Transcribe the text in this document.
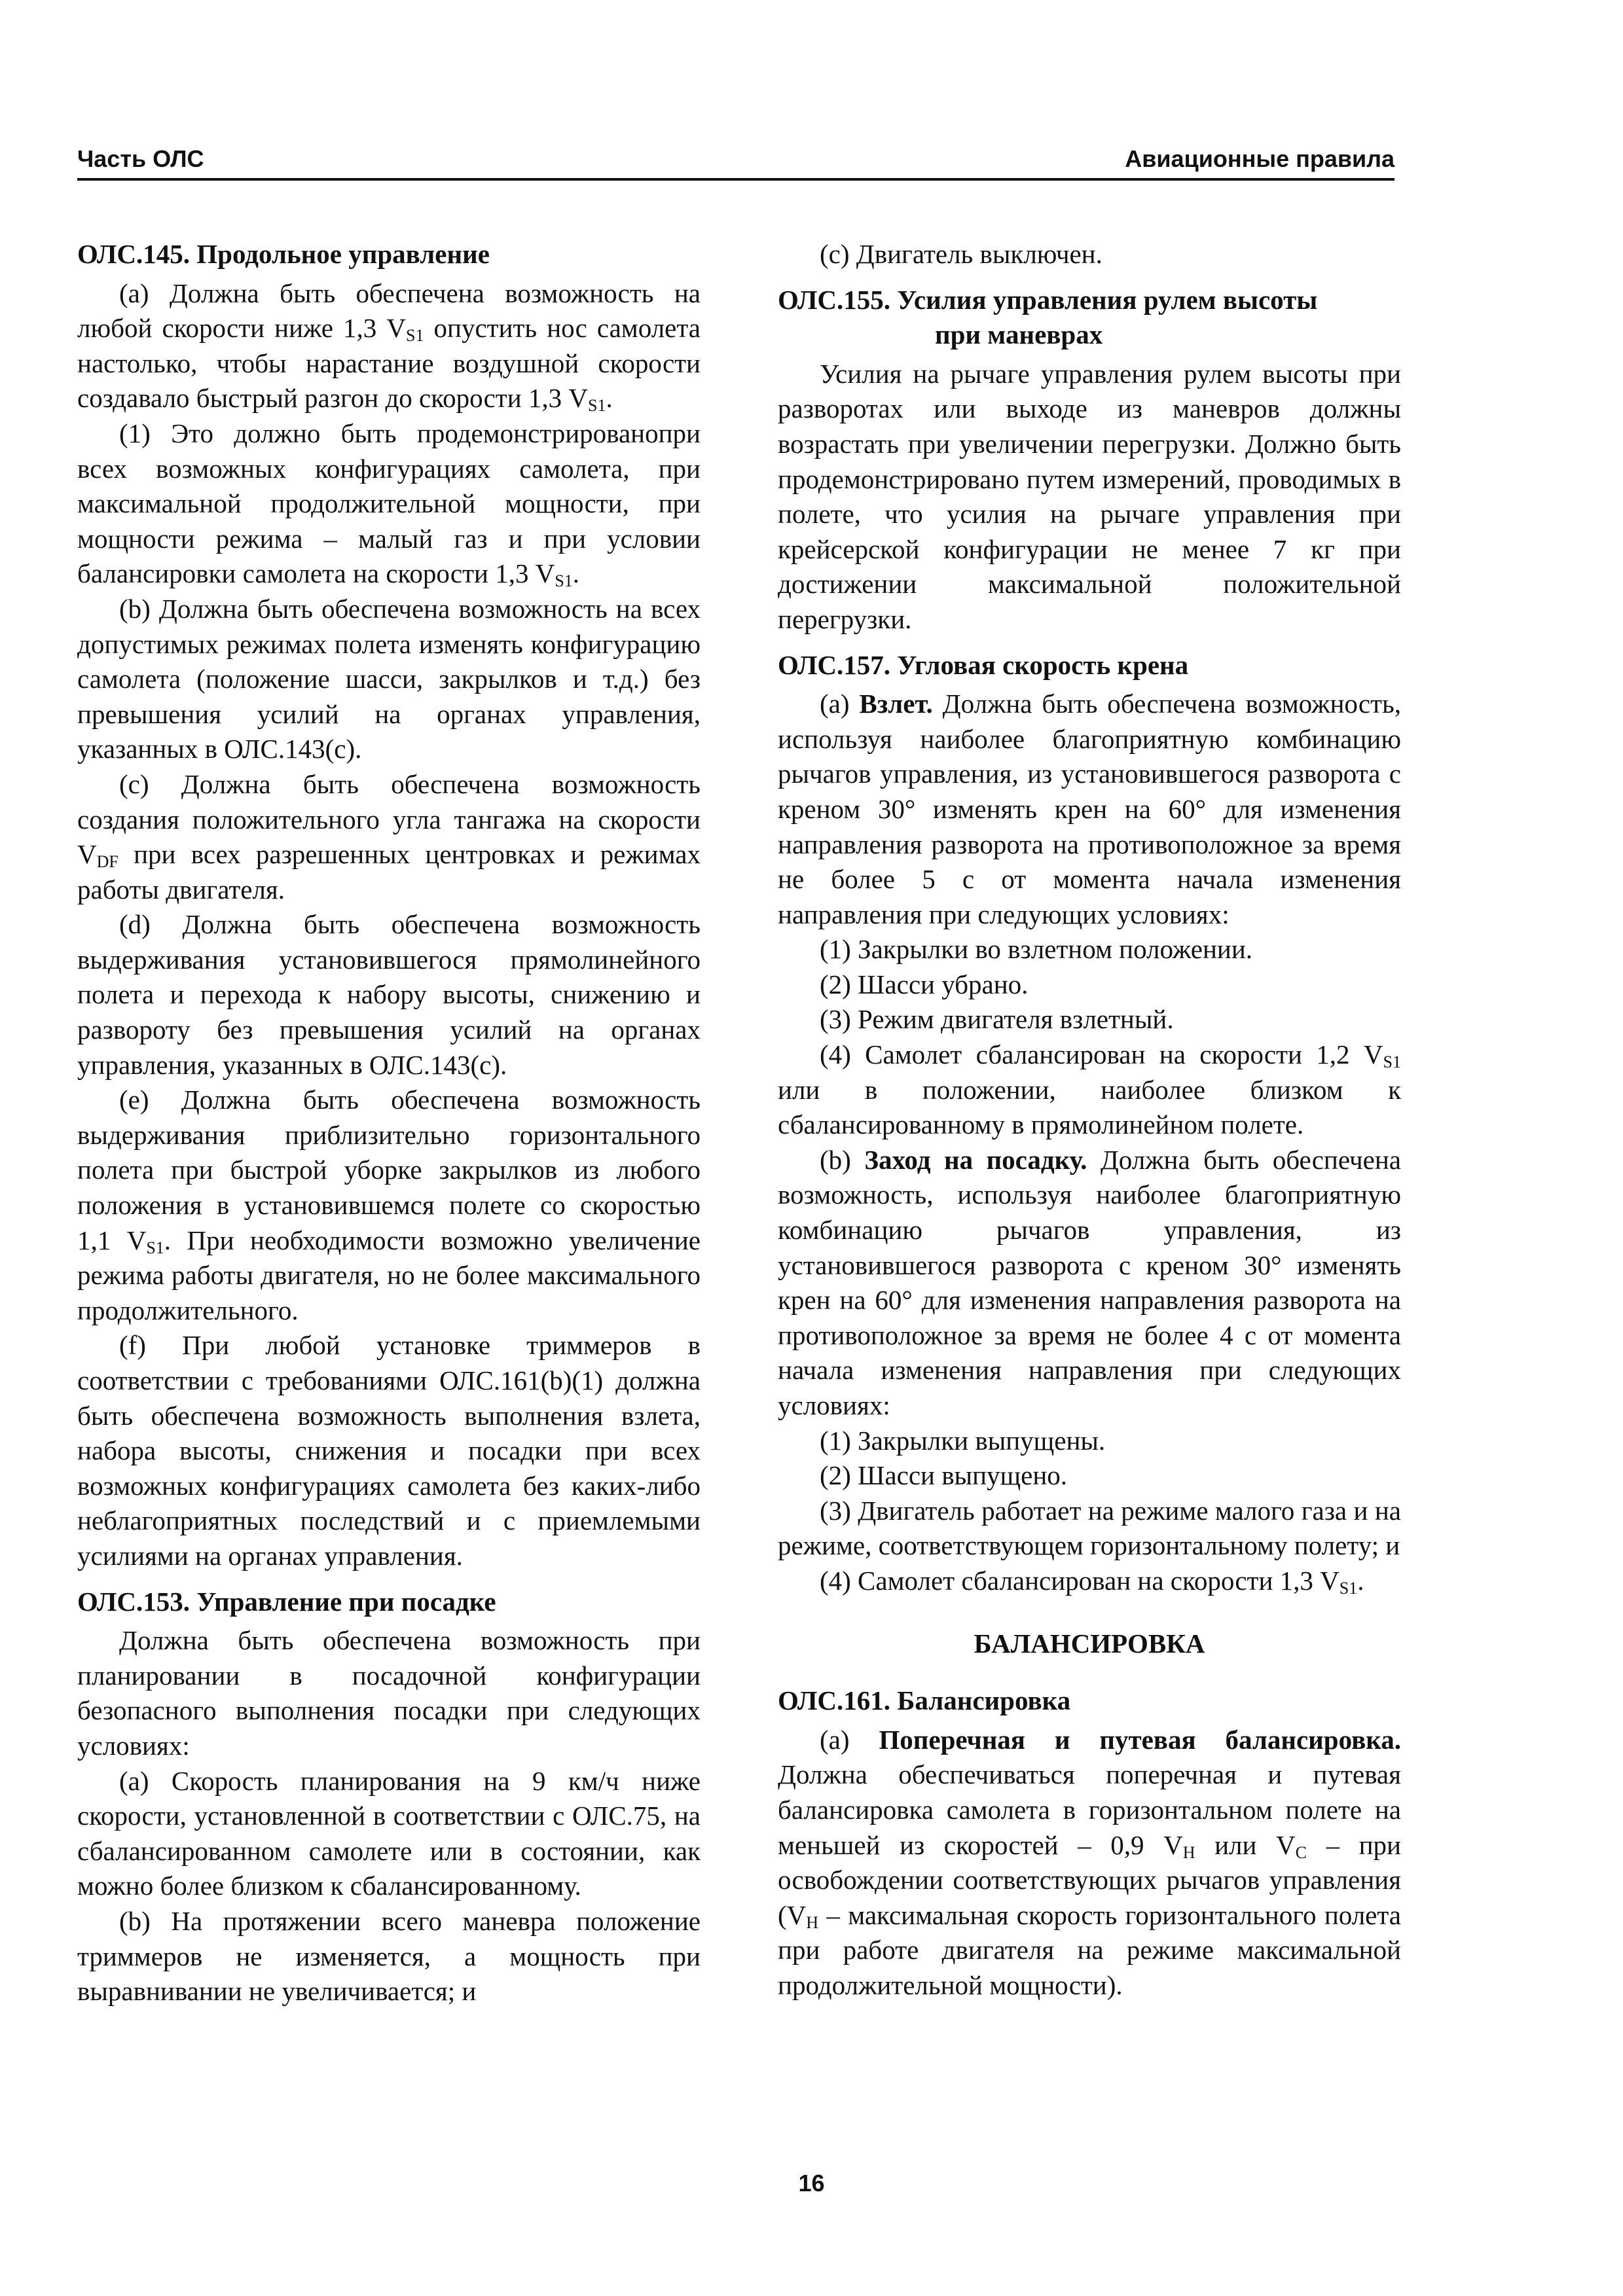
Часть ОЛС	Авиационные правила
ОЛС.145. Продольное управление

(a) Должна быть обеспечена возможность на любой скорости ниже 1,3 $V_{S1}$ опустить нос самолета настолько, чтобы нарастание воздушной скорости создавало быстрый разгон до скорости 1,3 $V_{S1}$.

(1) Это должно быть продемонстрированопри всех возможных конфигурациях самолета, при максимальной продолжительной мощности, при мощности режима – малый газ и при условии балансировки самолета на скорости 1,3 $V_{S1}$.

(b) Должна быть обеспечена возможность на всех допустимых режимах полета изменять конфигурацию самолета (положение шасси, закрылков и т.д.) без превышения усилий на органах управления, указанных в ОЛС.143(c).

(c) Должна быть обеспечена возможность создания положительного угла тангажа на скорости $V_{DF}$ при всех разрешенных центровках и режимах работы двигателя.

(d) Должна быть обеспечена возможность выдерживания установившегося прямолинейного полета и перехода к набору высоты, снижению и развороту без превышения усилий на органах управления, указанных в ОЛС.143(c).

(e) Должна быть обеспечена возможность выдерживания приблизительно горизонтального полета при быстрой уборке закрылков из любого положения в установившемся полете со скоростью 1,1 $V_{S1}$. При необходимости возможно увеличение режима работы двигателя, но не более максимального продолжительного.

(f) При любой установке триммеров в соответствии с требованиями ОЛС.161(b)(1) должна быть обеспечена возможность выполнения взлета, набора высоты, снижения и посадки при всех возможных конфигурациях самолета без каких-либо неблагоприятных последствий и с приемлемыми усилиями на органах управления.

ОЛС.153. Управление при посадке

Должна быть обеспечена возможность при планировании в посадочной конфигурации безопасного выполнения посадки при следующих условиях:

(a) Скорость планирования на 9 км/ч ниже скорости, установленной в соответствии с ОЛС.75, на сбалансированном самолете или в состоянии, как можно более близком к сбалансированному.

(b) На протяжении всего маневра положение триммеров не изменяется, а мощность при выравнивании не увеличивается; и

(c) Двигатель выключен.

ОЛС.155. Усилия управления рулем высоты
при маневрах

Усилия на рычаге управления рулем высоты при разворотах или выходе из маневров должны возрастать при увеличении перегрузки. Должно быть продемонстрировано путем измерений, проводимых в полете, что усилия на рычаге управления при крейсерской конфигурации не менее 7 кг при достижении максимальной положительной перегрузки.

ОЛС.157. Угловая скорость крена

(a) Взлет. Должна быть обеспечена возможность, используя наиболее благоприятную комбинацию рычагов управления, из установившегося разворота с креном 30° изменять крен на 60° для изменения направления разворота на противоположное за время не более 5 с от момента начала изменения направления при следующих условиях:

(1) Закрылки во взлетном положении.

(2) Шасси убрано.

(3) Режим двигателя взлетный.

(4) Самолет сбалансирован на скорости 1,2 $V_{S1}$ или в положении, наиболее близком к сбалансированному в прямолинейном полете.

(b) Заход на посадку. Должна быть обеспечена возможность, используя наиболее благоприятную комбинацию рычагов управления, из установившегося разворота с креном 30° изменять крен на 60° для изменения направления разворота на противоположное за время не более 4 с от момента начала изменения направления при следующих условиях:

(1) Закрылки выпущены.

(2) Шасси выпущено.

(3) Двигатель работает на режиме малого газа и на режиме, соответствующем горизонтальному полету; и

(4) Самолет сбалансирован на скорости 1,3 $V_{S1}$.

БАЛАНСИРОВКА
ОЛС.161. Балансировка

(a) Поперечная и путевая балансировка. Должна обеспечиваться поперечная и путевая балансировка самолета в горизонтальном полете на меньшей из скоростей – 0,9 $V_H$ или $V_C$ – при освобождении соответствующих рычагов управления ($V_H$ – максимальная скорость горизонтального полета при работе двигателя на режиме максимальной продолжительной мощности).

16
